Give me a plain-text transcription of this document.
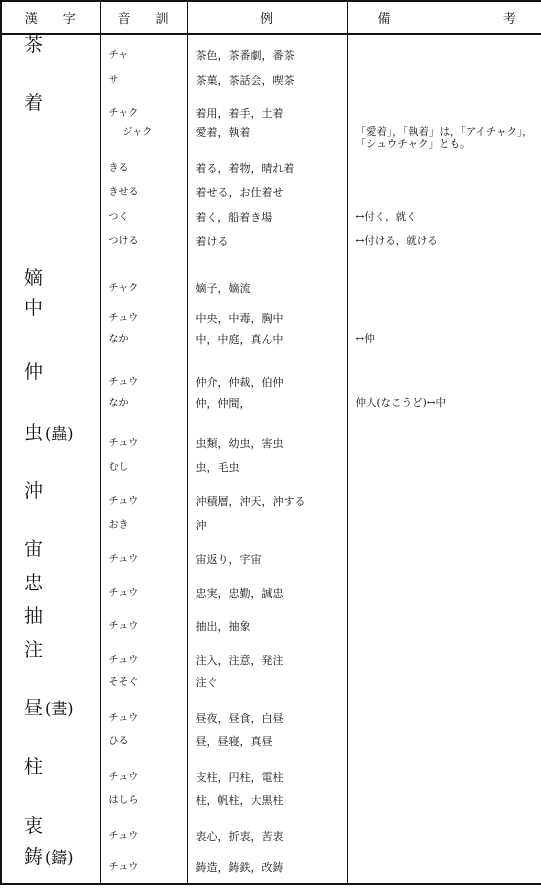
漢 字	音 訓	例	備 考

茶	チャ	茶色，茶番劇，番茶	
	サ	茶菓，茶話会，喫茶	
着	チャク	着用，着手，土着	
	ジャク	愛着，執着	「愛着」，「執着」は，「アイチャク」，「シュウチャク」とも。
	きる	着る，着物，晴れ着	
	きせる	着せる，お仕着せ	
	つく	着く，船着き場	↔付く，就く
	つける	着ける	↔付ける，就ける
嫡	チャク	嫡子，嫡流	
中	チュウ	中央，中毒，胸中	
	なか	中，中庭，真ん中	↔仲
仲	チュウ	仲介，仲裁，伯仲	
	なか	仲，仲間，	仲人(なこうど)↔中
虫 (蟲)	チュウ	虫類，幼虫，害虫	
	むし	虫，毛虫	
沖	チュウ	沖積層，沖天，沖する	
	おき	沖	
宙	チュウ	宙返り，宇宙	
忠	チュウ	忠実，忠勤，誠忠	
抽	チュウ	抽出，抽象	
注	チュウ	注入，注意，発注	
	そそぐ	注ぐ	
昼 (晝)	チュウ	昼夜，昼食，白昼	
	ひる	昼，昼寝，真昼	
柱	チュウ	支柱，円柱，電柱	
	はしら	柱，帆柱，大黒柱	
衷	チュウ	衷心，折衷，苦衷	
鋳 (鑄)	チュウ	鋳造，鋳鉄，改鋳	
